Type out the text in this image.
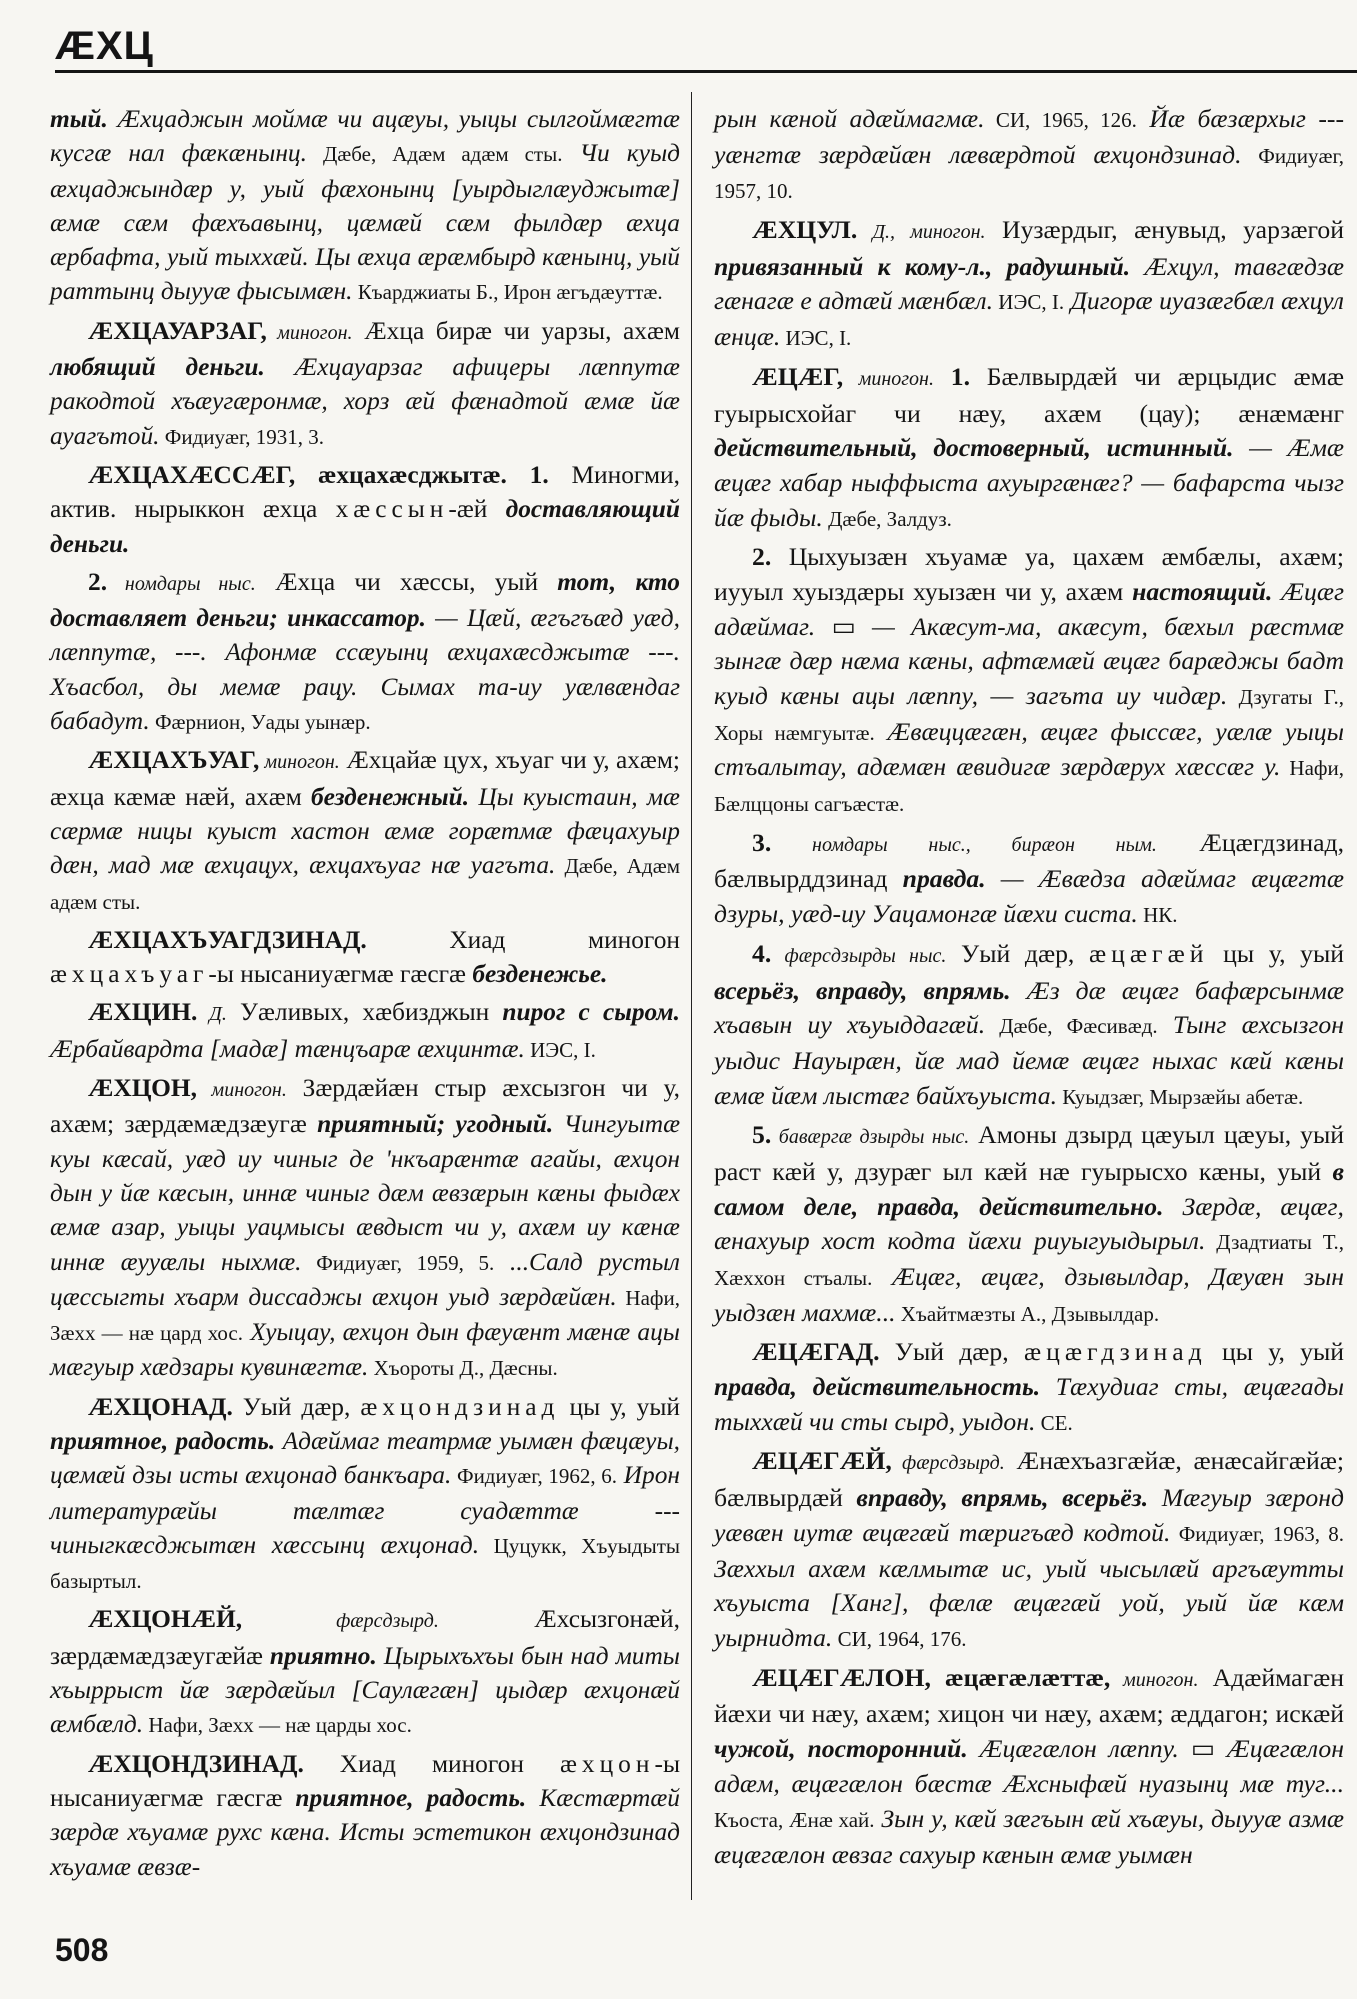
ӔХЦ

тый. Ӕхцаджын моймæ чи ацæуы, уыцы сылгоймæгтæ кусгæ нал фæкæнынц. Дæбе, Адæм адæм сты. Чи куыд æхцаджындæр у, уый фæхонынц [уырдыглæуджытæ] æмæ сæм фæхъавынц, цæмæй сæм фылдæр æхца æрбафта, уый тыххæй. Цы æхца æрæмбырд кæнынц, уый раттынц дыууæ фысымæн. Къарджиаты Б., Ирон æгъдæуттæ.

ӔХЦАУАРЗАГ, миногон. Ӕхца бирæ чи уарзы, ахæм любящий деньги. Ӕхцауарзаг афицеры лæппутæ ракодтой хъæугæронмæ, хорз æй фæнадтой æмæ йæ ауагътой. Фидиуæг, 1931, 3.

ӔХЦАХӔССӔГ, æхцахæсджытæ. 1. Миногми, актив. нырыккон æхца хæссын-æй доставляющий деньги.

2. номдары ныс. Ӕхца чи хæссы, уый тот, кто доставляет деньги; инкассатор. — Цæй, æгъгъæд уæд, лæппутæ, ---. Афонмæ ссæуынц æхцахæсджытæ ---. Хъасбол, ды мемæ рацу. Сымах та-иу уæлвæндаг бабадут. Фæрнион, Уады уынæр.

ӔХЦАХЪУАГ, миногон. Ӕхцайæ цух, хъуаг чи у, ахæм; æхца кæмæ нæй, ахæм безденежный. Цы куыстаин, мæ сæрмæ ницы куыст хастон æмæ горæтмæ фæцахуыр дæн, мад мæ æхцацух, æхцахъуаг нæ уагъта. Дæбе, Адæм адæм сты.

ӔХЦАХЪУАГДЗИНАД. Хиад миногон æхцахъуаг-ы нысаниуæгмæ гæсгæ безденежье.

ӔХЦИН. Д. Уæливых, хæбизджын пирог с сыром. Ӕрбайвардта [мадæ] тæнцъарæ æхцинтæ. ИЭС, I.

ӔХЦОН, миногон. Зæрдæйæн стыр æхсызгон чи у, ахæм; зæрдæмæдзæугæ приятный; угодный. Чингуытæ куы кæсай, уæд иу чиныг де 'нкъарæнтæ агайы, æхцон дын у йæ кæсын, иннæ чиныг дæм æвзæрын кæны фыдæх æмæ азар, уыцы уацмысы æвдыст чи у, ахæм иу кæнæ иннæ æууæлы ныхмæ. Фидиуæг, 1959, 5. ...Салд рустыл цæссыгты хъарм диссаджы æхцон уыд зæрдæйæн. Нафи, Зæхх — нæ цард хос. Хуыцау, æхцон дын фæуæнт мæнæ ацы мæгуыр хæдзары кувинæгтæ. Хъороты Д., Дæсны.

ӔХЦОНАД. Уый дæр, æхцондзинад цы у, уый приятное, радость. Адæймаг театрмæ уымæн фæцæуы, цæмæй дзы исты æхцонад банкъара. Фидиуæг, 1962, 6. Ирон литературæйы тæлтæг суадæттæ --- чиныгкæсджытæн хæссынц æхцонад. Цуцукк, Хъуыдыты базыртыл.

ӔХЦОНӔЙ, фæрсдзырд. Ӕхсызгонæй, зæрдæмæдзæугæйæ приятно. Цырыхъхъы бын над миты хъыррыст йæ зæрдæйыл [Саулæгæн] цыдæр æхцонæй æмбæлд. Нафи, Зæхх — нæ царды хос.

ӔХЦОНДЗИНАД. Хиад миногон æхцон-ы нысаниуæгмæ гæсгæ приятное, радость. Кæстæртæй зæрдæ хъуамæ рухс кæна. Исты эстетикон æхцондзинад хъуамæ æвзæ-

рын кæной адæймагмæ. СИ, 1965, 126. Йæ бæзæрхыг --- уæнгтæ зæрдæйæн лæвæрдтой æхцондзинад. Фидиуæг, 1957, 10.

ӔХЦУЛ. Д., миногон. Иузæрдыг, æнувыд, уарзæгой привязанный к кому-л., радушный. Ӕхцул, тавгæдзæ гæнагæ е адтæй мæнбæл. ИЭС, I. Дигорæ иуазæгбæл æхцул æнцæ. ИЭС, I.

ӔЦӔГ, миногон. 1. Бæлвырдæй чи æрцыдис æмæ гуырысхойаг чи нæу, ахæм (цау); æнæмæнг действительный, достоверный, истинный. — Ӕмæ æцæг хабар ныффыста ахуыргæнæг? — бафарста чызг йæ фыды. Дæбе, Залдуз.

2. Цыхуызæн хъуамæ уа, цахæм æмбæлы, ахæм; иууыл хуыздæры хуызæн чи у, ахæм настоящий. Ӕцæг адæймаг. ▭ — Акæсут-ма, акæсут, бæхыл рæстмæ зынгæ дæр нæма кæны, афтæмæй æцæг барæджы бадт куыд кæны ацы лæппу, — загъта иу чидæр. Дзугаты Г., Хоры нæмгуытæ. Ӕвæццæгæн, æцæг фыссæг, уæлæ уыцы стъалытау, адæмæн æвидигæ зæрдæрух хæссæг у. Нафи, Бæлццоны сагъæстæ.

3. номдары ныс., бирæон ным. Ӕцæгдзинад, бæлвырддзинад правда. — Ӕвæдза адæймаг æцæгтæ дзуры, уæд-иу Уацамонгæ йæхи систа. НК.

4. фæрсдзырды ныс. Уый дæр, æцæгæй цы у, уый всерьёз, вправду, впрямь. Ӕз дæ æцæг бафæрсынмæ хъавын иу хъуыддагæй. Дæбе, Фæсивæд. Тынг æхсызгон уыдис Науырæн, йæ мад йемæ æцæг ныхас кæй кæны æмæ йæм лыстæг байхъуыста. Куыдзæг, Мырзæйы абетæ.

5. бавæргæ дзырды ныс. Амоны дзырд цæуыл цæуы, уый раст кæй у, дзурæг ыл кæй нæ гуырысхо кæны, уый в самом деле, правда, действительно. Зæрдæ, æцæг, æнахуыр хост кодта йæхи риуыгуыдырыл. Дзадтиаты Т., Хæххон стъалы. Ӕцæг, æцæг, дзывылдар, Дæуæн зын уыдзæн махмæ... Хъайтмæзты А., Дзывылдар.

ӔЦӔГАД. Уый дæр, æцæгдзинад цы у, уый правда, действительность. Тæхудиаг сты, æцæгады тыххæй чи сты сырд, уыдон. СЕ.

ӔЦӔГӔЙ, фæрсдзырд. Ӕнæхъазгæйæ, æнæсайгæйæ; бæлвырдæй вправду, впрямь, всерьёз. Мæгуыр зæронд уæвæн иутæ æцæгæй тæригъæд кодтой. Фидиуæг, 1963, 8. Зæххыл ахæм кæлмытæ ис, уый чысылæй аргъæутты хъуыста [Ханг], фæлæ æцæгæй уой, уый йæ кæм уырнидта. СИ, 1964, 176.

ӔЦӔГӔЛОН, æцæгæлæттæ, миногон. Адæймагæн йæхи чи нæу, ахæм; хицон чи нæу, ахæм; æддагон; искæй чужой, посторонний. Ӕцæгæлон лæппу. ▭ Ӕцæгæлон адæм, æцæгæлон бæстæ Ӕхсныфæй нуазынц мæ туг... Къоста, Ӕнæ хай. Зын у, кæй зæгъын æй хъæуы, дыууæ азмæ æцæгæлон æвзаг сахуыр кæнын æмæ уымæн

508
